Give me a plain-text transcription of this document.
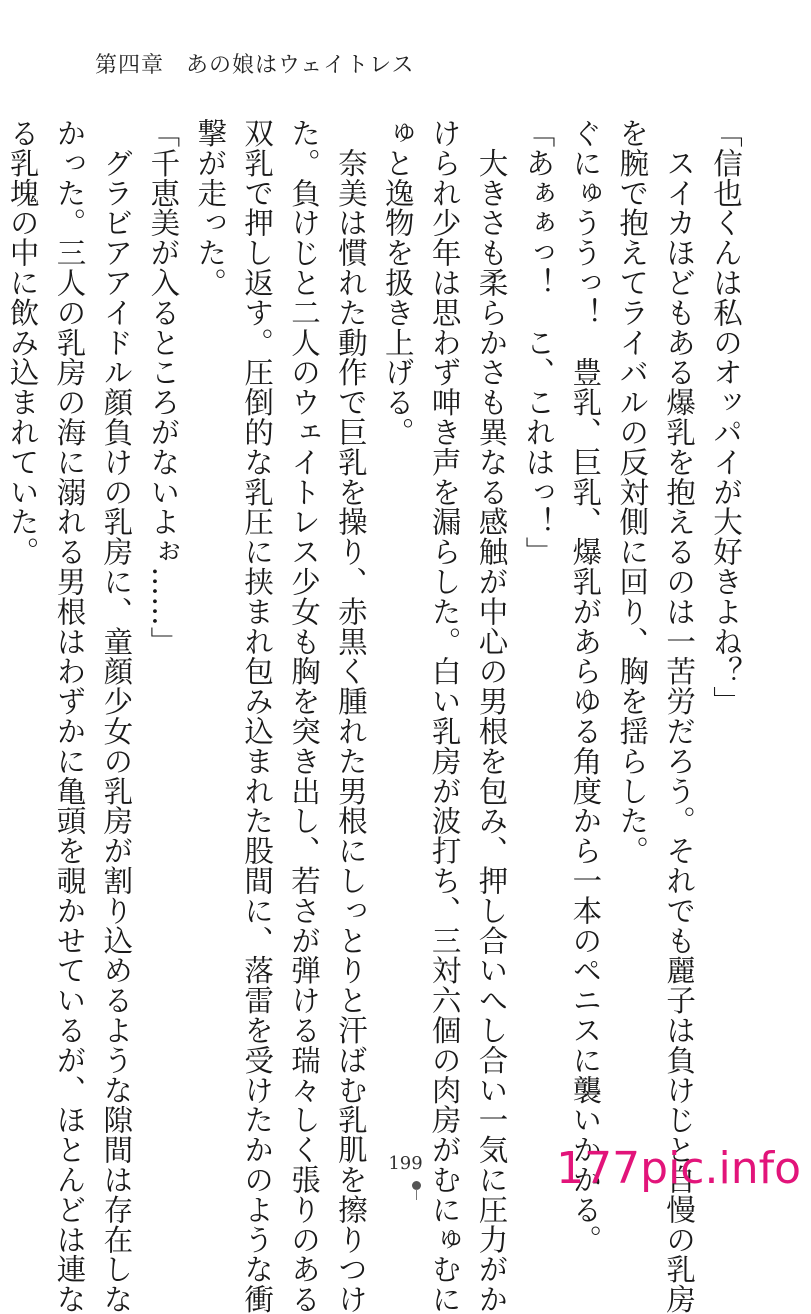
第四章 あの娘はウェイトレス

「信也くんは私のオッパイが大好きよね？」

　スイカほどもある爆乳を抱えるのは一苦労だろう。それでも麗子は負けじと自慢の乳房

を腕で抱えてライバルの反対側に回り、胸を揺らした。

ぐにゅううっ！　豊乳、巨乳、爆乳があらゆる角度から一本のペニスに襲いかかる。

「あぁぁっ！　こ、これはっ！」

　大きさも柔らかさも異なる感触が中心の男根を包み、押し合いへし合い一気に圧力がか

けられ少年は思わず呻き声を漏らした。白い乳房が波打ち、三対六個の肉房がむにゅむに

ゅと逸物を扱き上げる。

　奈美は慣れた動作で巨乳を操り、赤黒く腫れた男根にしっとりと汗ばむ乳肌を擦りつけ

た。負けじと二人のウェイトレス少女も胸を突き出し、若さが弾ける瑞々しく張りのある

双乳で押し返す。圧倒的な乳圧に挟まれ包み込まれた股間に、落雷を受けたかのような衝

撃が走った。

「千恵美が入るところがないよぉ……」

　グラビアアイドル顔負けの乳房に、童顔少女の乳房が割り込めるような隙間は存在しな

かった。三人の乳房の海に溺れる男根はわずかに亀頭を覗かせているが、ほとんどは連な

る乳塊の中に飲み込まれていた。

199	177pic.info
